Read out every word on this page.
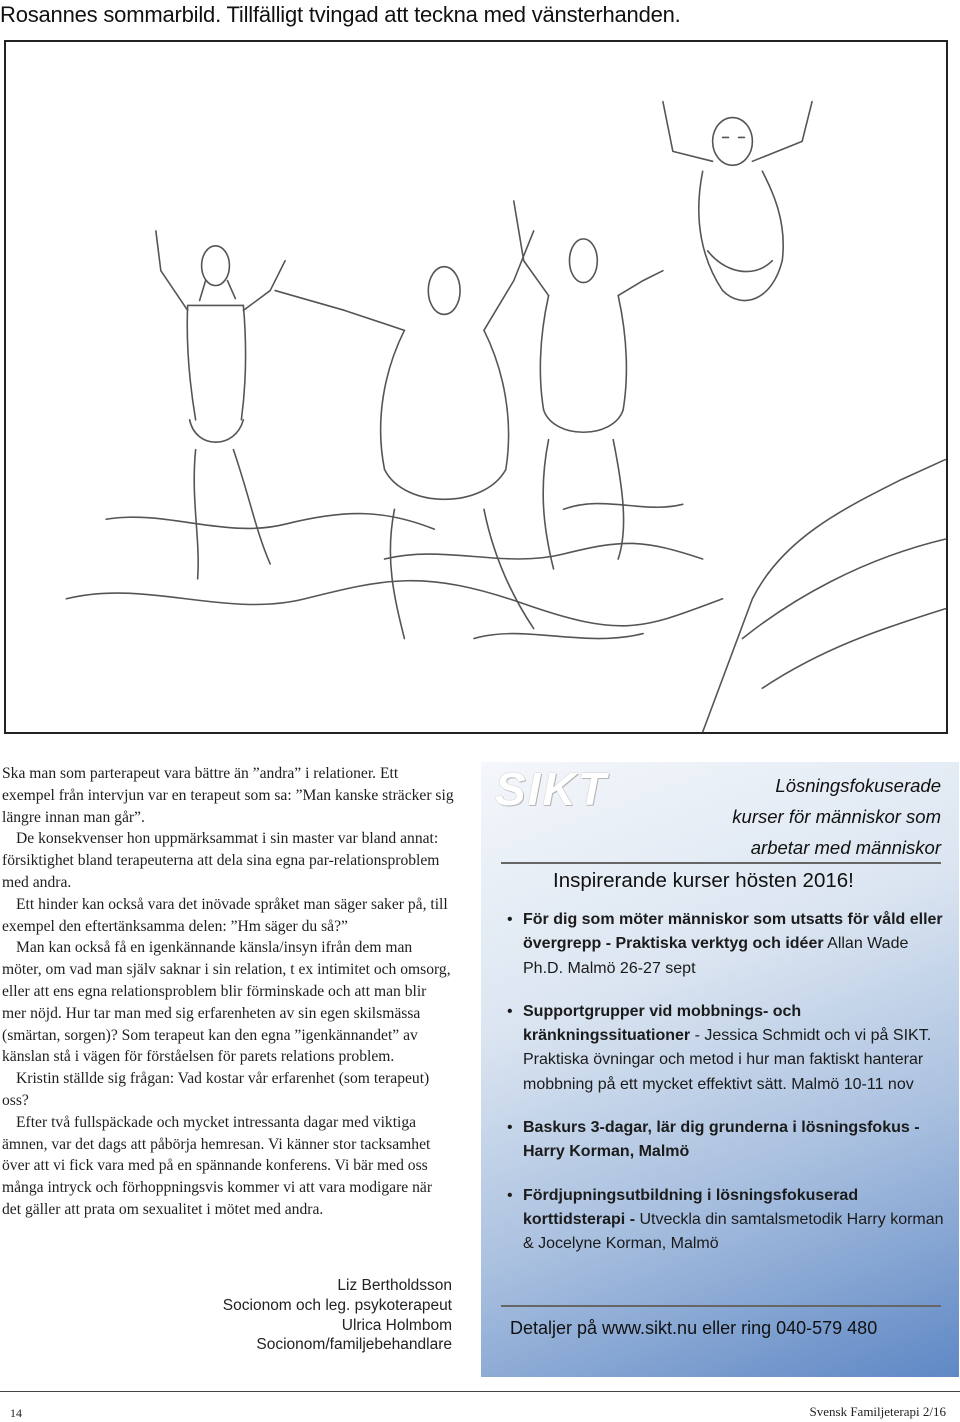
Rosannes sommarbild. Tillfälligt tvingad att teckna med vänsterhanden.

Ska man som parterapeut vara bättre än ”andra” i relationer. Ett exempel från intervjun var en terapeut som sa: ”Man kanske sträcker sig längre innan man går”.

De konsekvenser hon uppmärksammat i sin master var bland annat: försiktighet bland terapeuterna att dela sina egna par-relationsproblem med andra.

Ett hinder kan också vara det inövade språket man säger saker på, till exempel den eftertänksamma delen: ”Hm säger du så?”

Man kan också få en igenkännande känsla/insyn ifrån dem man möter, om vad man själv saknar i sin relation, t ex intimitet och omsorg, eller att ens egna relationsproblem blir förminskade och att man blir mer nöjd. Hur tar man med sig erfarenheten av sin egen skilsmässa (smärtan, sorgen)? Som terapeut kan den egna ”igenkännandet” av känslan stå i vägen för förståelsen för parets relations problem.

Kristin ställde sig frågan: Vad kostar vår erfarenhet (som terapeut) oss?

Efter två fullspäckade och mycket intressanta dagar med viktiga ämnen, var det dags att påbörja hemresan. Vi känner stor tacksamhet över att vi fick vara med på en spännande konferens. Vi bär med oss många intryck och förhoppningsvis kommer vi att vara modigare när det gäller att prata om sexualitet i mötet med andra.

Liz Bertholdsson
Socionom och leg. psykoterapeut
Ulrica Holmbom
Socionom/familjebehandlare
SIKT	Lösningsfokuserade
kurser för människor som
arbetar med människor
Inspirerande kurser hösten 2016!
• För dig som möter människor som utsatts för våld eller övergrepp - Praktiska verktyg och idéer Allan Wade Ph.D. Malmö 26-27 sept
• Supportgrupper vid mobbnings- och kränkningssituationer - Jessica Schmidt och vi på SIKT. Praktiska övningar och metod i hur man faktiskt hanterar mobbning på ett mycket effektivt sätt. Malmö 10-11 nov
• Baskurs 3-dagar, lär dig grunderna i lösningsfokus - Harry Korman, Malmö
• Fördjupningsutbildning i lösningsfokuserad korttidsterapi - Utveckla din samtalsmetodik Harry korman & Jocelyne Korman, Malmö
Detaljer på www.sikt.nu eller ring 040-579 480
14	Svensk Familjeterapi 2/16
